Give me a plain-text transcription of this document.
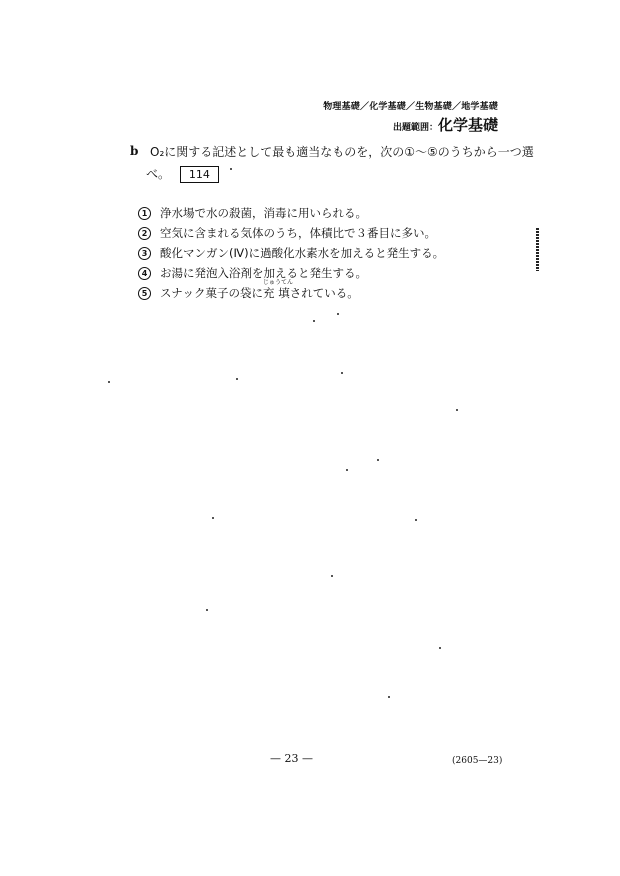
物理基礎／化学基礎／生物基礎／地学基礎
出題範囲：化学基礎
b O₂に関する記述として最も適当なものを，次の①～⑤のうちから一つ選
べ。 114
1	浄水場で水の殺菌，消毒に用いられる。
2	空気に含まれる気体のうち，体積比で３番目に多い。
3	酸化マンガン(Ⅳ)に過酸化水素水を加えると発生する。
4	お湯に発泡入浴剤を加えると発生する。
5	スナック菓子の袋に
じゅうてん
充 填 されている。
— 23 —	(2605—23)
